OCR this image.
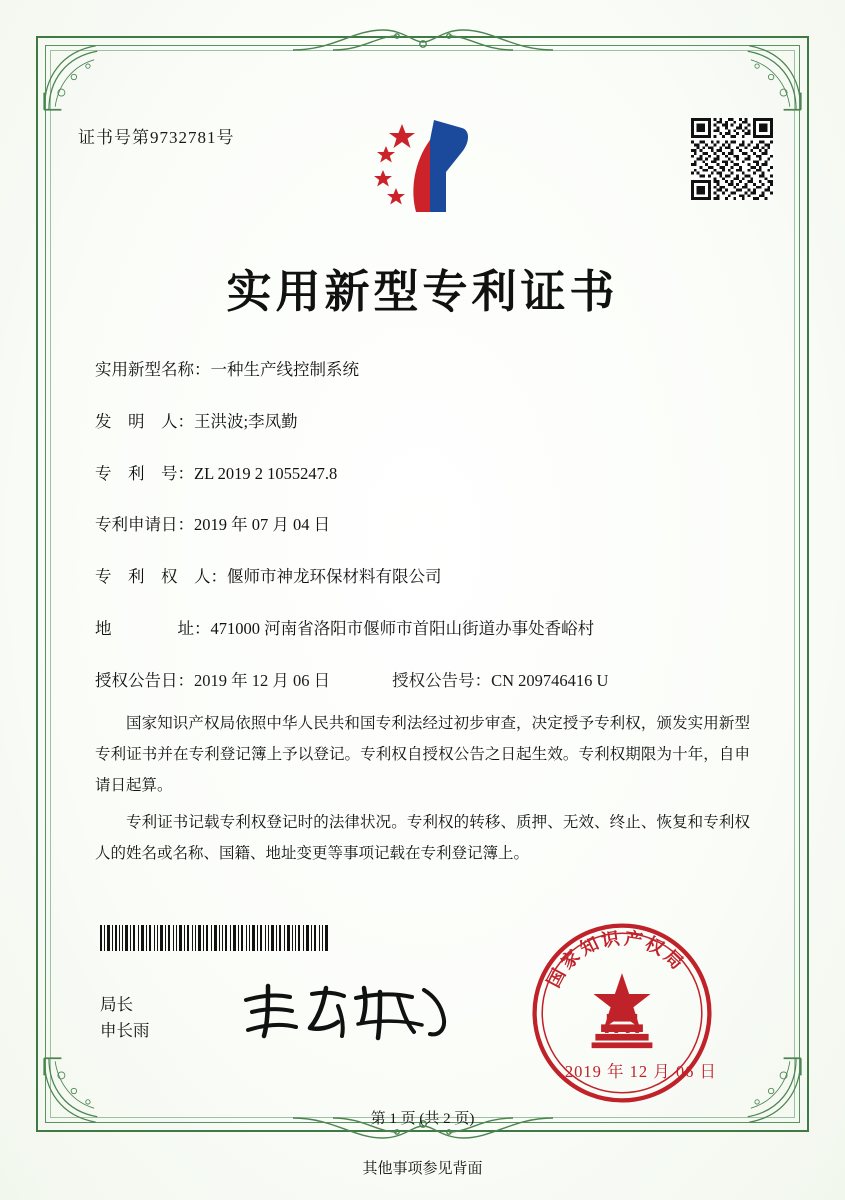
证书号第9732781号
实用新型专利证书
实用新型名称： 一种生产线控制系统
发　明　人： 王洪波;李凤勤
专　利　号： ZL 2019 2 1055247.8
专利申请日： 2019 年 07 月 04 日
专　利　权　人： 偃师市神龙环保材料有限公司
地　　　　址： 471000 河南省洛阳市偃师市首阳山街道办事处香峪村
授权公告日： 2019 年 12 月 06 日	授权公告号： CN 209746416 U

国家知识产权局依照中华人民共和国专利法经过初步审查，决定授予专利权，颁发实用新型专利证书并在专利登记簿上予以登记。专利权自授权公告之日起生效。专利权期限为十年，自申请日起算。

专利证书记载专利权登记时的法律状况。专利权的转移、质押、无效、终止、恢复和专利权人的姓名或名称、国籍、地址变更等事项记载在专利登记簿上。

局长
申长雨
国
家
知
识 产
权
局
2019 年 12 月 06 日
第 1 页 (共 2 页)
其他事项参见背面
